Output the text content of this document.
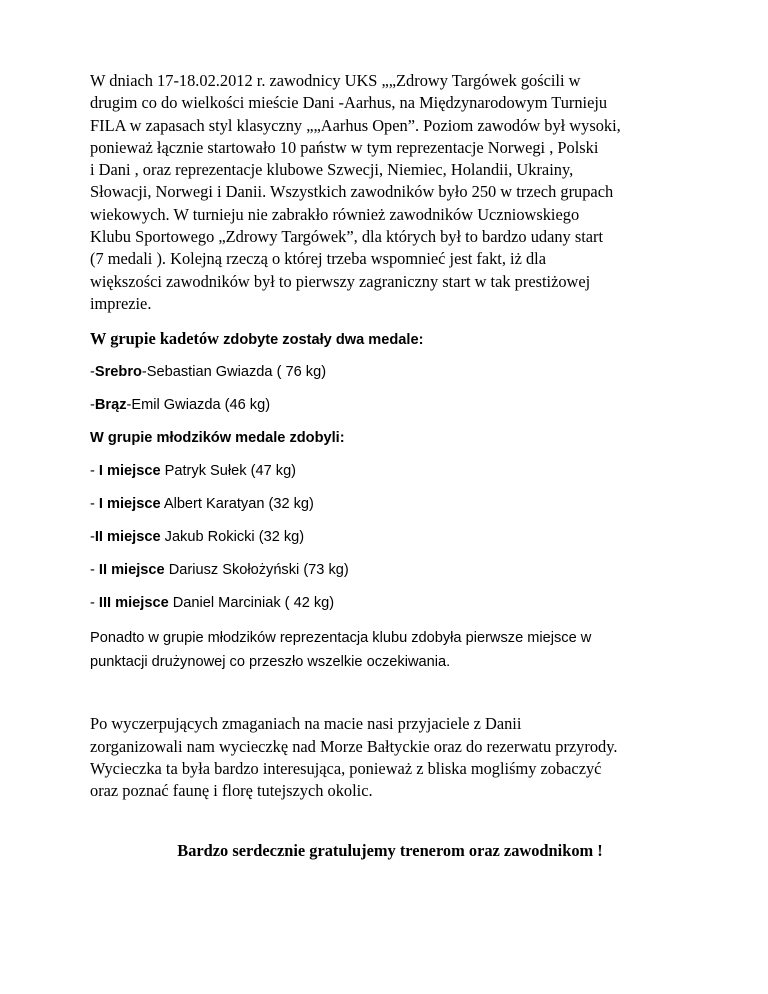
W dniach 17-18.02.2012 r. zawodnicy UKS „„Zdrowy Targówek gościli w
drugim co do wielkości mieście Dani -Aarhus, na Międzynarodowym Turnieju
FILA w zapasach styl klasyczny „„Aarhus Open”. Poziom zawodów był wysoki,
ponieważ łącznie startowało 10 państw w tym reprezentacje Norwegi , Polski
i Dani , oraz reprezentacje klubowe Szwecji, Niemiec, Holandii, Ukrainy,
Słowacji, Norwegi i Danii. Wszystkich zawodników było 250 w trzech grupach
wiekowych. W turnieju nie zabrakło również zawodników Uczniowskiego
Klubu Sportowego „Zdrowy Targówek”, dla których był to bardzo udany start
(7 medali ). Kolejną rzeczą o której trzeba wspomnieć jest fakt, iż dla
większości zawodników był to pierwszy zagraniczny start w tak prestiżowej
imprezie.
W grupie kadetów zdobyte zostały dwa medale:
-Srebro-Sebastian Gwiazda ( 76 kg)
-Brąz-Emil Gwiazda (46 kg)
W grupie młodzików medale zdobyli:
- I miejsce Patryk Sułek (47 kg)
- I miejsce Albert Karatyan (32 kg)
-II miejsce Jakub Rokicki (32 kg)
- II miejsce Dariusz Skołożyński (73 kg)
- III miejsce Daniel Marciniak ( 42 kg)
Ponadto w grupie młodzików reprezentacja klubu zdobyła pierwsze miejsce w
punktacji drużynowej co przeszło wszelkie oczekiwania.
Po wyczerpujących zmaganiach na macie nasi przyjaciele z Danii
zorganizowali nam wycieczkę nad Morze Bałtyckie oraz do rezerwatu przyrody.
Wycieczka ta była bardzo interesująca, ponieważ z bliska mogliśmy zobaczyć
oraz poznać faunę i florę tutejszych okolic.
Bardzo serdecznie gratulujemy trenerom oraz zawodnikom !
